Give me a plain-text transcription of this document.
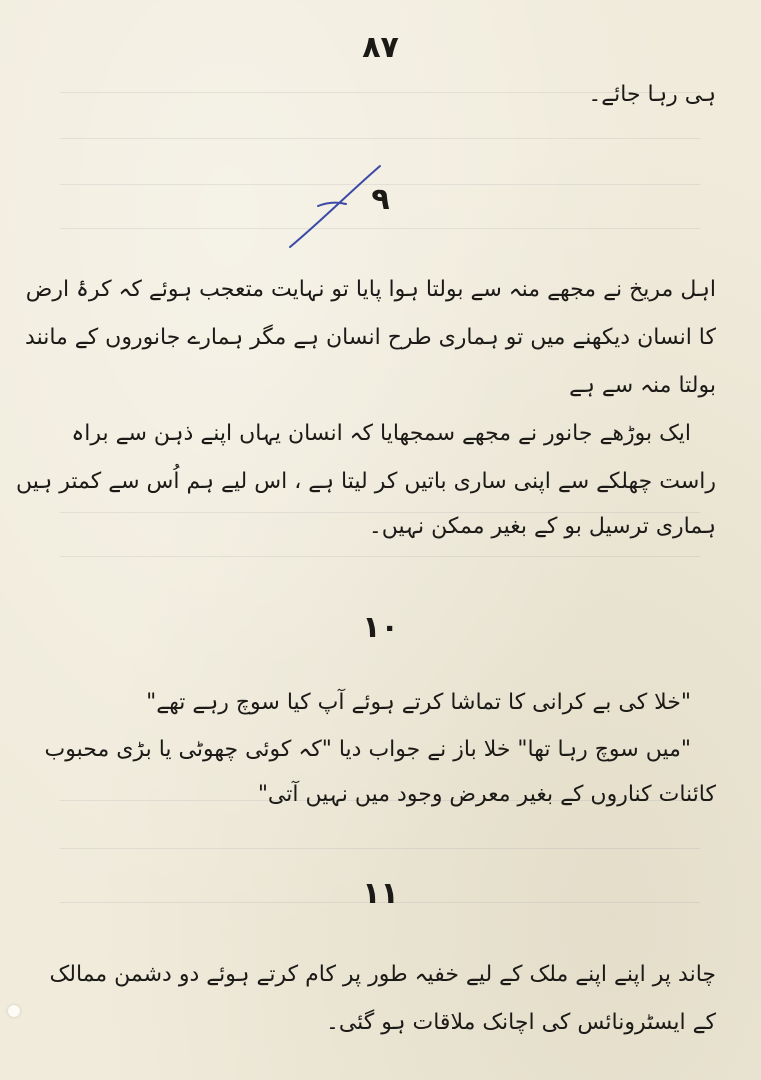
۸۷
ہی رہا جائے۔
۹
اہل مریخ نے مجھے منہ سے بولتا ہوا پایا تو نہایت متعجب ہوئے کہ کرۂ ارض
کا انسان دیکھنے میں تو ہماری طرح انسان ہے مگر ہمارے جانوروں کے مانند
بولتا منہ سے ہے
ایک بوڑھے جانور نے مجھے سمجھایا کہ انسان یہاں اپنے ذہن سے براہ
راست چھلکے سے اپنی ساری باتیں کر لیتا ہے ، اس لیے ہم اُس سے کمتر ہیں
ہماری ترسیل بو کے بغیر ممکن نہیں۔
۱۰
"خلا کی بے کرانی کا تماشا کرتے ہوئے آپ کیا سوچ رہے تھے"
"میں سوچ رہا تھا" خلا باز نے جواب دیا "کہ کوئی چھوٹی یا بڑی محبوب
کائنات کناروں کے بغیر معرض وجود میں نہیں آتی"
۱۱
چاند پر اپنے اپنے ملک کے لیے خفیہ طور پر کام کرتے ہوئے دو دشمن ممالک
کے ایسٹرونائس کی اچانک ملاقات ہو گئی۔
